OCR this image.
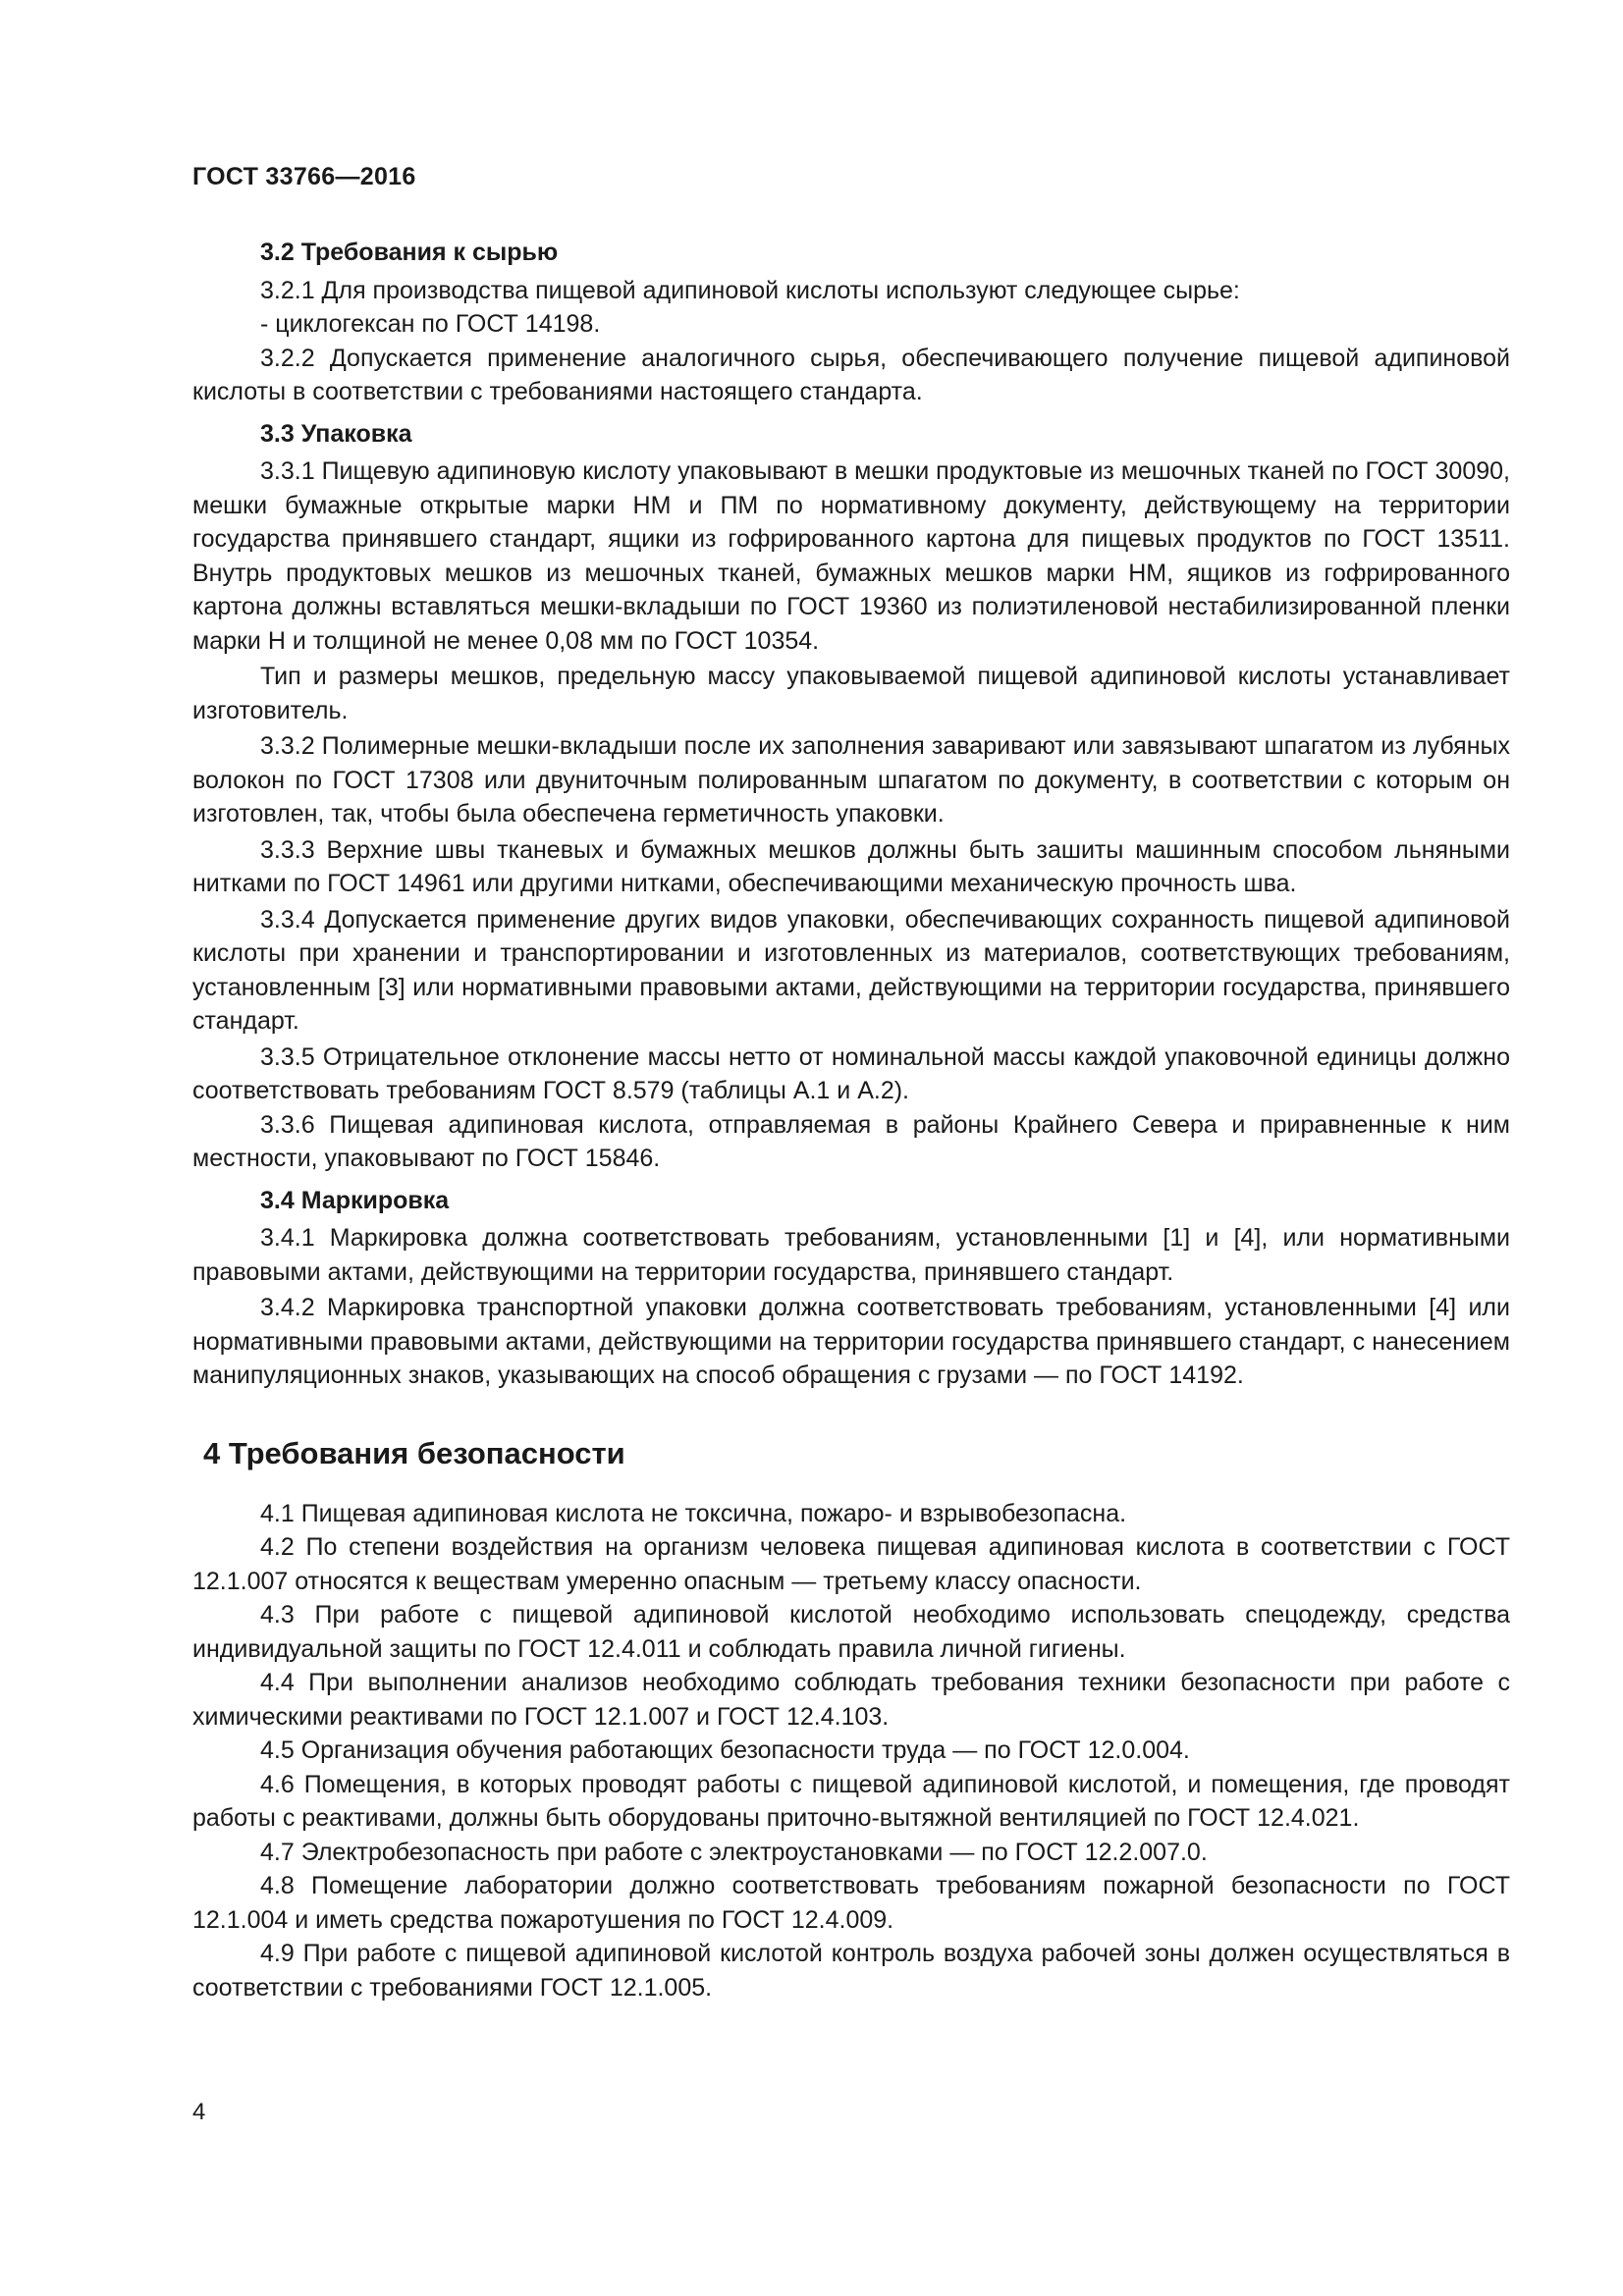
ГОСТ 33766—2016

3.2 Требования к сырью

3.2.1 Для производства пищевой адипиновой кислоты используют следующее сырье:

- циклогексан по ГОСТ 14198.

3.2.2 Допускается применение аналогичного сырья, обеспечивающего получение пищевой адипиновой кислоты в соответствии с требованиями настоящего стандарта.

3.3 Упаковка

3.3.1 Пищевую адипиновую кислоту упаковывают в мешки продуктовые из мешочных тканей по ГОСТ 30090, мешки бумажные открытые марки НМ и ПМ по нормативному документу, действующему на территории государства принявшего стандарт, ящики из гофрированного картона для пищевых продуктов по ГОСТ 13511. Внутрь продуктовых мешков из мешочных тканей, бумажных мешков марки НМ, ящиков из гофрированного картона должны вставляться мешки-вкладыши по ГОСТ 19360 из полиэтиленовой нестабилизированной пленки марки Н и толщиной не менее 0,08 мм по ГОСТ 10354.

Тип и размеры мешков, предельную массу упаковываемой пищевой адипиновой кислоты устанавливает изготовитель.

3.3.2 Полимерные мешки-вкладыши после их заполнения заваривают или завязывают шпагатом из лубяных волокон по ГОСТ 17308 или двуниточным полированным шпагатом по документу, в соответствии с которым он изготовлен, так, чтобы была обеспечена герметичность упаковки.

3.3.3 Верхние швы тканевых и бумажных мешков должны быть зашиты машинным способом льняными нитками по ГОСТ 14961 или другими нитками, обеспечивающими механическую прочность шва.

3.3.4 Допускается применение других видов упаковки, обеспечивающих сохранность пищевой адипиновой кислоты при хранении и транспортировании и изготовленных из материалов, соответствующих требованиям, установленным [3] или нормативными правовыми актами, действующими на территории государства, принявшего стандарт.

3.3.5 Отрицательное отклонение массы нетто от номинальной массы каждой упаковочной единицы должно соответствовать требованиям ГОСТ 8.579 (таблицы А.1 и А.2).

3.3.6 Пищевая адипиновая кислота, отправляемая в районы Крайнего Севера и приравненные к ним местности, упаковывают по ГОСТ 15846.

3.4 Маркировка

3.4.1 Маркировка должна соответствовать требованиям, установленными [1] и [4], или нормативными правовыми актами, действующими на территории государства, принявшего стандарт.

3.4.2 Маркировка транспортной упаковки должна соответствовать требованиям, установленными [4] или нормативными правовыми актами, действующими на территории государства принявшего стандарт, с нанесением манипуляционных знаков, указывающих на способ обращения с грузами — по ГОСТ 14192.

4 Требования безопасности

4.1 Пищевая адипиновая кислота не токсична, пожаро- и взрывобезопасна.

4.2 По степени воздействия на организм человека пищевая адипиновая кислота в соответствии с ГОСТ 12.1.007 относятся к веществам умеренно опасным — третьему классу опасности.

4.3 При работе с пищевой адипиновой кислотой необходимо использовать спецодежду, средства индивидуальной защиты по ГОСТ 12.4.011 и соблюдать правила личной гигиены.

4.4 При выполнении анализов необходимо соблюдать требования техники безопасности при работе с химическими реактивами по ГОСТ 12.1.007 и ГОСТ 12.4.103.

4.5 Организация обучения работающих безопасности труда — по ГОСТ 12.0.004.

4.6 Помещения, в которых проводят работы с пищевой адипиновой кислотой, и помещения, где проводят работы с реактивами, должны быть оборудованы приточно-вытяжной вентиляцией по ГОСТ 12.4.021.

4.7 Электробезопасность при работе с электроустановками — по ГОСТ 12.2.007.0.

4.8 Помещение лаборатории должно соответствовать требованиям пожарной безопасности по ГОСТ 12.1.004 и иметь средства пожаротушения по ГОСТ 12.4.009.

4.9 При работе с пищевой адипиновой кислотой контроль воздуха рабочей зоны должен осуществляться в соответствии с требованиями ГОСТ 12.1.005.

4
